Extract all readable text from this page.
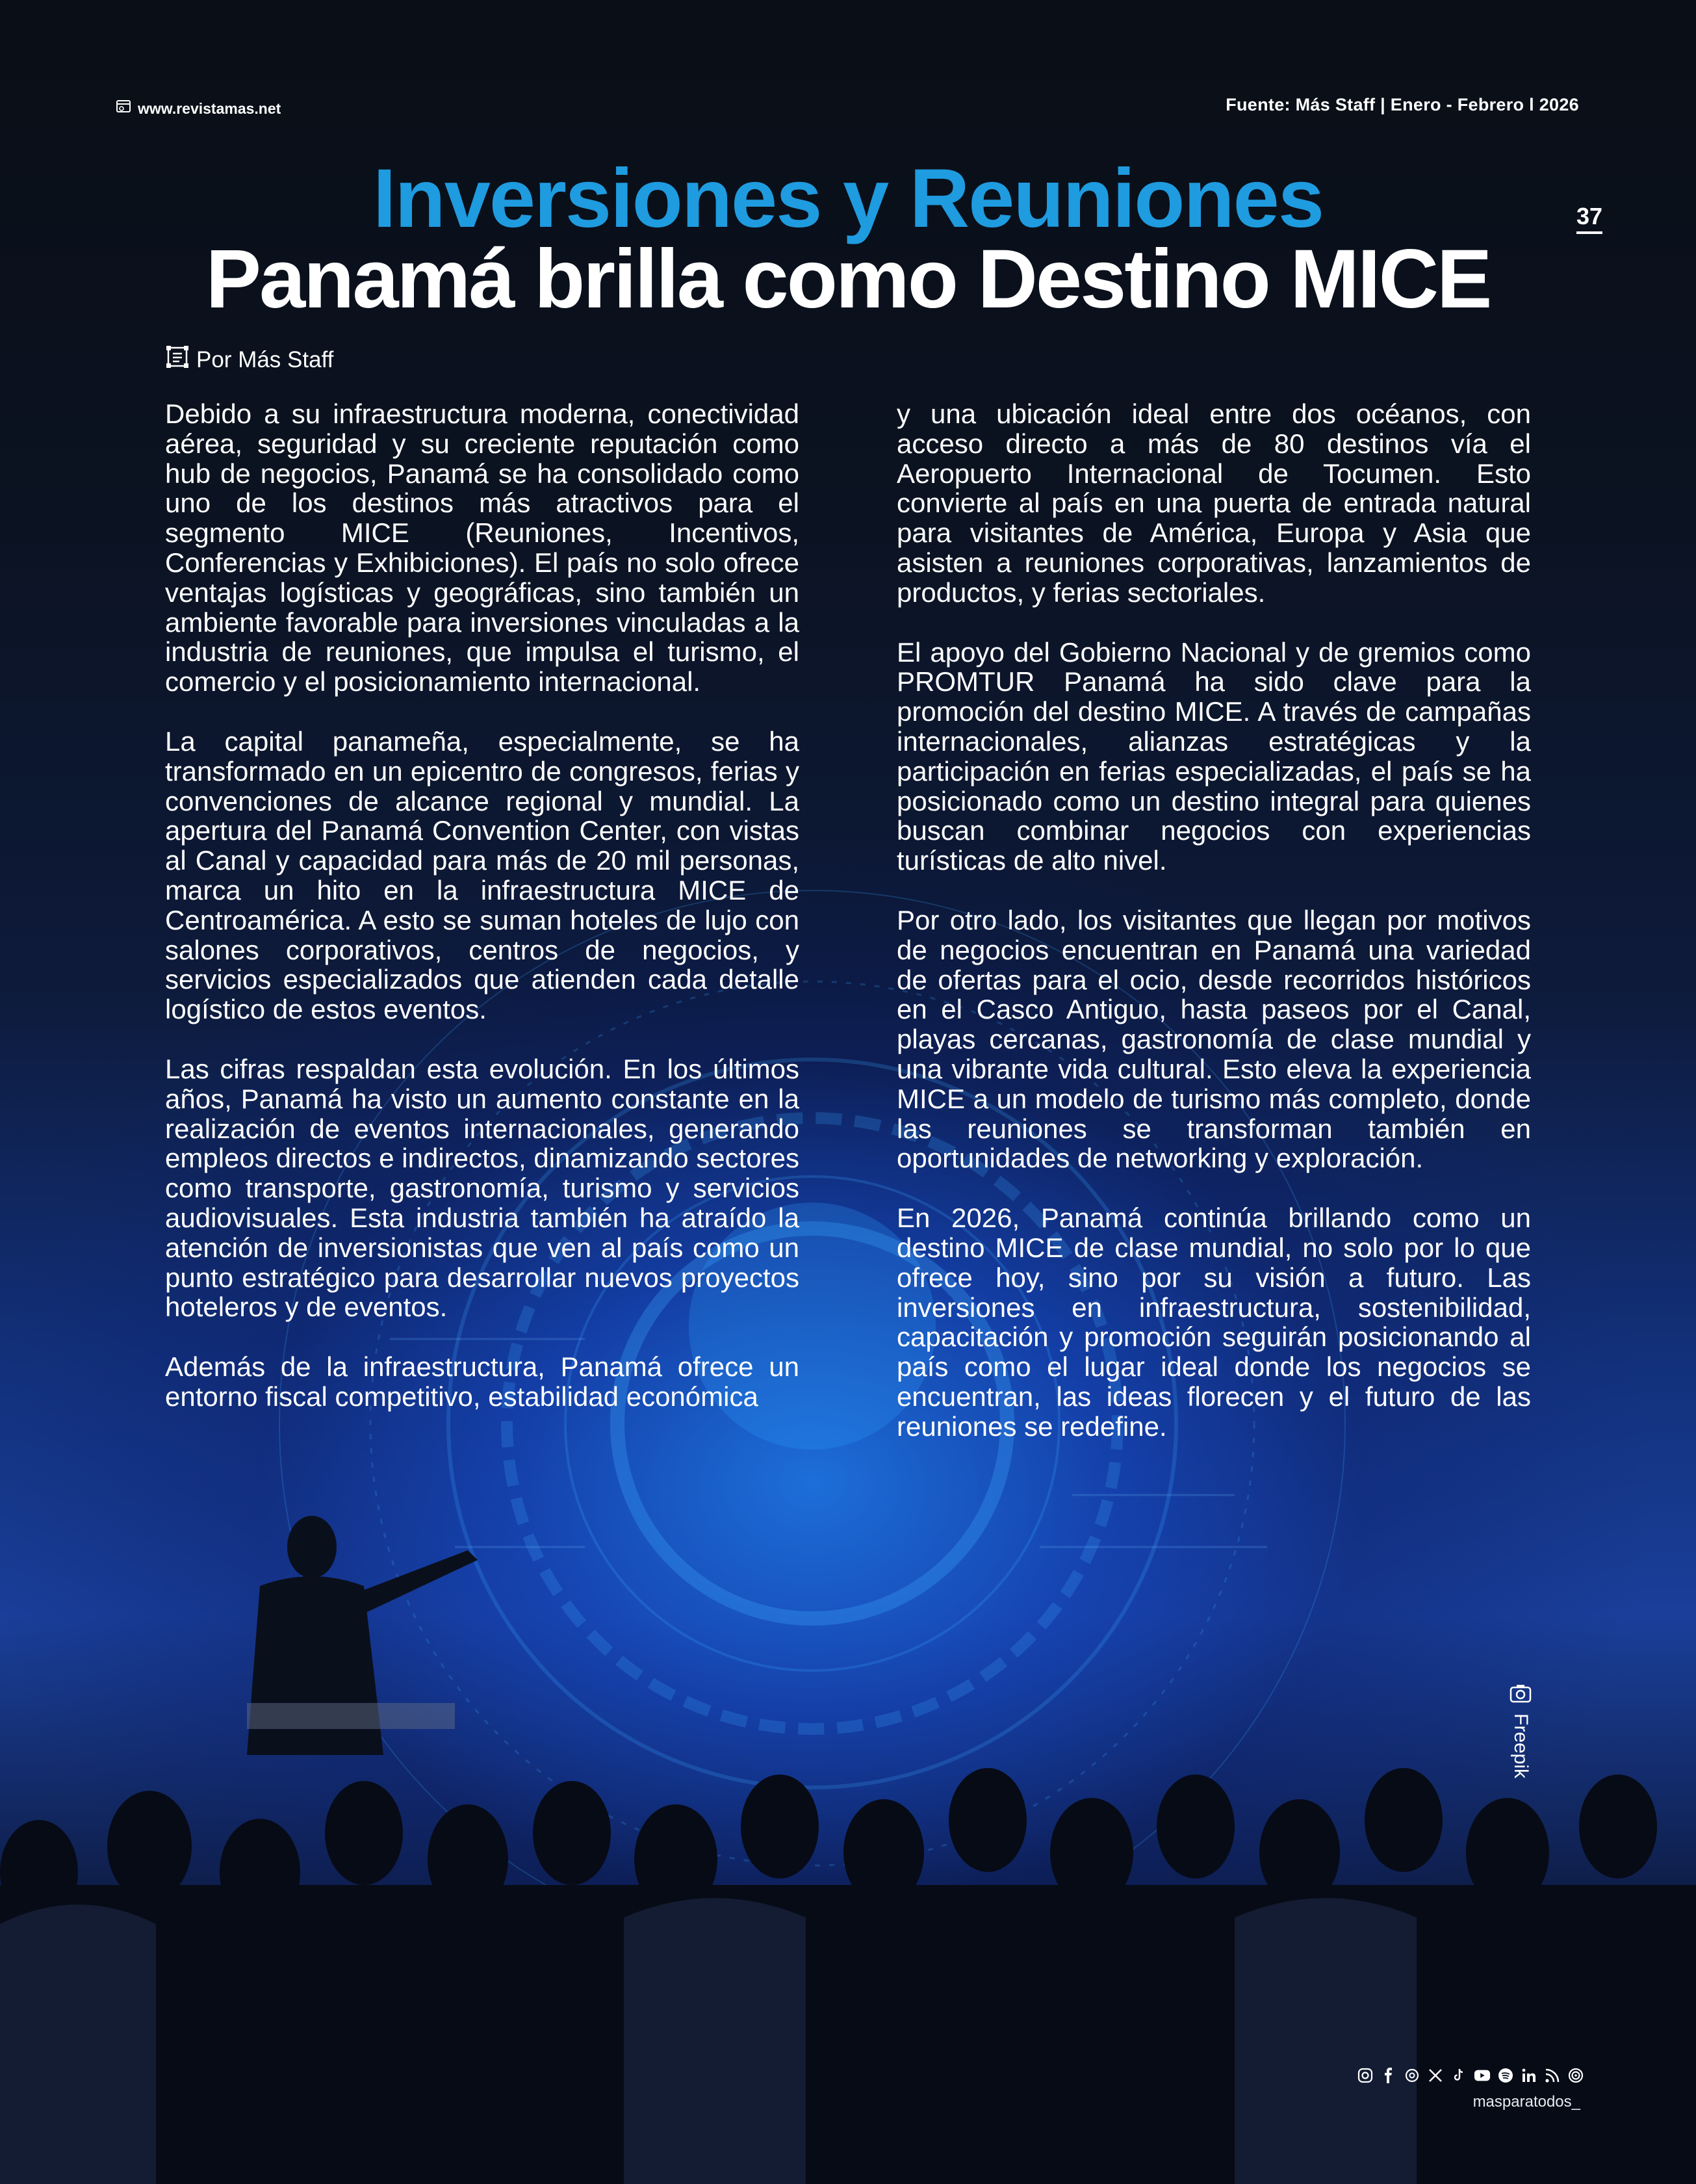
www.revistamas.net	Fuente: Más Staff | Enero - Febrero l 2026
37
Inversiones y Reuniones
Panamá brilla como Destino MICE
Por Más Staff

Debido a su infraestructura moderna, conectividad aérea, seguridad y su creciente reputación como hub de negocios, Panamá se ha consolidado como uno de los destinos más atractivos para el segmento MICE (Reuniones, Incentivos, Conferencias y Exhibiciones). El país no solo ofrece ventajas logísticas y geográficas, sino también un ambiente favorable para inversiones vinculadas a la industria de reuniones, que impulsa el turismo, el comercio y el posicionamiento internacional.

La capital panameña, especialmente, se ha transformado en un epicentro de congresos, ferias y convenciones de alcance regional y mundial. La apertura del Panamá Convention Center, con vistas al Canal y capacidad para más de 20 mil personas, marca un hito en la infraestructura MICE de Centroamérica. A esto se suman hoteles de lujo con salones corporativos, centros de negocios, y servicios especializados que atienden cada detalle logístico de estos eventos.

Las cifras respaldan esta evolución. En los últimos años, Panamá ha visto un aumento constante en la realización de eventos internacionales, generando empleos directos e indirectos, dinamizando sectores como transporte, gastronomía, turismo y servicios audiovisuales. Esta industria también ha atraído la atención de inversionistas que ven al país como un punto estratégico para desarrollar nuevos proyectos hoteleros y de eventos.

Además de la infraestructura, Panamá ofrece un entorno fiscal competitivo, estabilidad económica

y una ubicación ideal entre dos océanos, con acceso directo a más de 80 destinos vía el Aeropuerto Internacional de Tocumen. Esto convierte al país en una puerta de entrada natural para visitantes de América, Europa y Asia que asisten a reuniones corporativas, lanzamientos de productos, y ferias sectoriales.

El apoyo del Gobierno Nacional y de gremios como PROMTUR Panamá ha sido clave para la promoción del destino MICE. A través de campañas internacionales, alianzas estratégicas y la participación en ferias especializadas, el país se ha posicionado como un destino integral para quienes buscan combinar negocios con experiencias turísticas de alto nivel.

Por otro lado, los visitantes que llegan por motivos de negocios encuentran en Panamá una variedad de ofertas para el ocio, desde recorridos históricos en el Casco Antiguo, hasta paseos por el Canal, playas cercanas, gastronomía de clase mundial y una vibrante vida cultural. Esto eleva la experiencia MICE a un modelo de turismo más completo, donde las reuniones se transforman también en oportunidades de networking y exploración.

En 2026, Panamá continúa brillando como un destino MICE de clase mundial, no solo por lo que ofrece hoy, sino por su visión a futuro. Las inversiones en infraestructura, sostenibilidad, capacitación y promoción seguirán posicionando al país como el lugar ideal donde los negocios se encuentran, las ideas florecen y el futuro de las reuniones se redefine.

Freepik
masparatodos_
